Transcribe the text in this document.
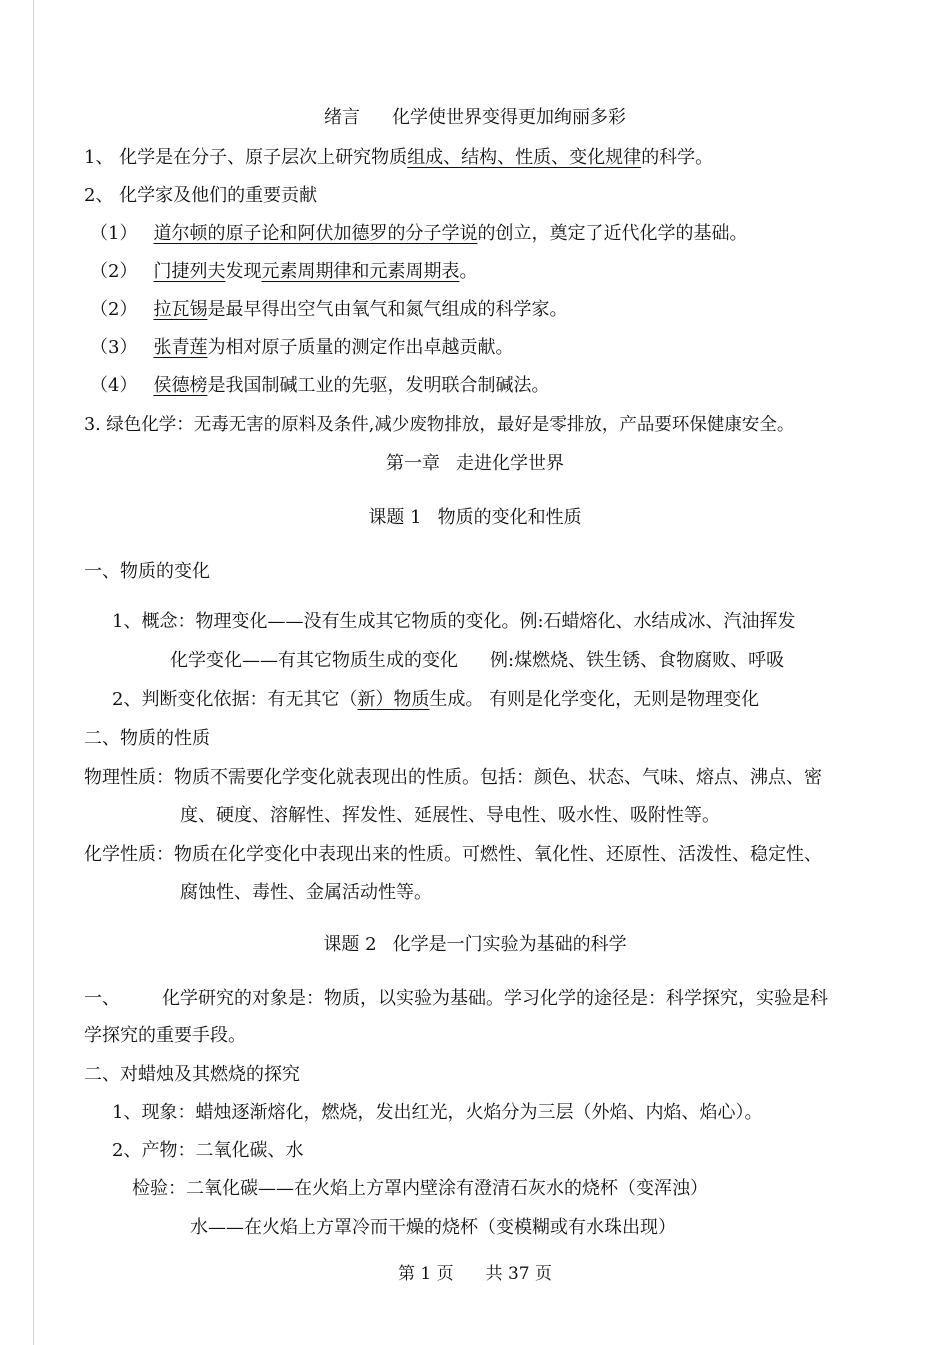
绪言 化学使世界变得更加绚丽多彩
1、 化学是在分子、原子层次上研究物质组成、结构、性质、变化规律的科学。
2、 化学家及他们的重要贡献
（1） 道尔顿的原子论和阿伏加德罗的分子学说的创立，奠定了近代化学的基础。
（2） 门捷列夫发现元素周期律和元素周期表。
（2） 拉瓦锡是最早得出空气由氧气和氮气组成的科学家。
（3） 张青莲为相对原子质量的测定作出卓越贡献。
（4） 侯德榜是我国制碱工业的先驱，发明联合制碱法。
3. 绿色化学：无毒无害的原料及条件,减少废物排放，最好是零排放，产品要环保健康安全。
第一章 走进化学世界
课题 1 物质的变化和性质
一、物质的变化
1、概念：物理变化——没有生成其它物质的变化。例:石蜡熔化、水结成冰、汽油挥发
化学变化——有其它物质生成的变化 例:煤燃烧、铁生锈、食物腐败、呼吸
2、判断变化依据：有无其它（新）物质生成。 有则是化学变化，无则是物理变化
二、物质的性质
物理性质：物质不需要化学变化就表现出的性质。包括：颜色、状态、气味、熔点、沸点、密
度、硬度、溶解性、挥发性、延展性、导电性、吸水性、吸附性等。
化学性质：物质在化学变化中表现出来的性质。可燃性、氧化性、还原性、活泼性、稳定性、
腐蚀性、毒性、金属活动性等。
课题 2 化学是一门实验为基础的科学
一、 化学研究的对象是：物质，以实验为基础。学习化学的途径是：科学探究，实验是科
学探究的重要手段。
二、对蜡烛及其燃烧的探究
1、现象：蜡烛逐渐熔化，燃烧，发出红光，火焰分为三层（外焰、内焰、焰心）。
2、产物：二氧化碳、水
检验：二氧化碳——在火焰上方罩内壁涂有澄清石灰水的烧杯（变浑浊）
水——在火焰上方罩冷而干燥的烧杯（变模糊或有水珠出现）
第 1 页 共 37 页
